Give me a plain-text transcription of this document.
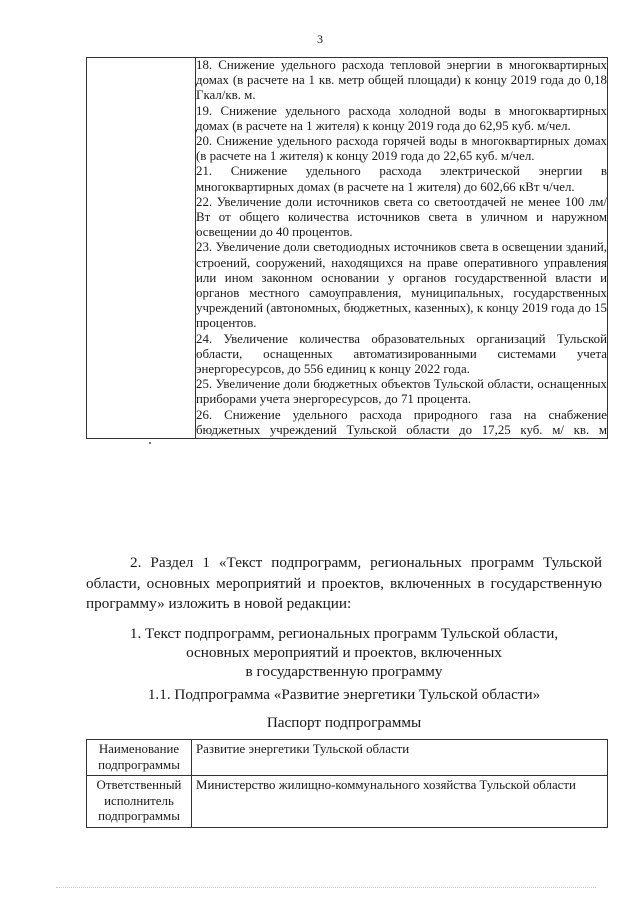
3

18. Снижение удельного расхода тепловой энергии в многоквартирных домах (в расчете на 1 кв. метр общей площади) к концу 2019 года до 0,18 Гкал/кв. м.
19. Снижение удельного расхода холодной воды в многоквартирных домах (в расчете на 1 жителя) к концу 2019 года до 62,95 куб. м/чел.
20. Снижение удельного расхода горячей воды в многоквартирных домах (в расчете на 1 жителя) к концу 2019 года до 22,65 куб. м/чел.
21. Снижение удельного расхода электрической энергии в многоквартирных домах (в расчете на 1 жителя) до 602,66 кВт ч/чел.
22. Увеличение доли источников света со светоотдачей не менее 100 лм/Вт от общего количества источников света в уличном и наружном освещении до 40 процентов.
23. Увеличение доли светодиодных источников света в освещении зданий, строений, сооружений, находящихся на праве оперативного управления или ином законном основании у органов государственной власти и органов местного самоуправления, муниципальных, государственных учреждений (автономных, бюджетных, казенных), к концу 2019 года до 15 процентов.
24. Увеличение количества образовательных организаций Тульской области, оснащенных автоматизированными системами учета энергоресурсов, до 556 единиц к концу 2022 года.
25. Увеличение доли бюджетных объектов Тульской области, оснащенных приборами учета энергоресурсов, до 71 процента.
26. Снижение удельного расхода природного газа на снабжение бюджетных учреждений Тульской области до 17,25 куб. м/ кв. м
2. Раздел 1 «Текст подпрограмм, региональных программ Тульской области, основных мероприятий и проектов, включенных в государственную программу» изложить в новой редакции:
1. Текст подпрограмм, региональных программ Тульской области,
основных мероприятий и проектов, включенных
в государственную программу
1.1. Подпрограмма «Развитие энергетики Тульской области»
Паспорт подпрограммы
Наименование подпрограммы	Развитие энергетики Тульской области
Ответственный исполнитель подпрограммы	Министерство жилищно-коммунального хозяйства Тульской области
